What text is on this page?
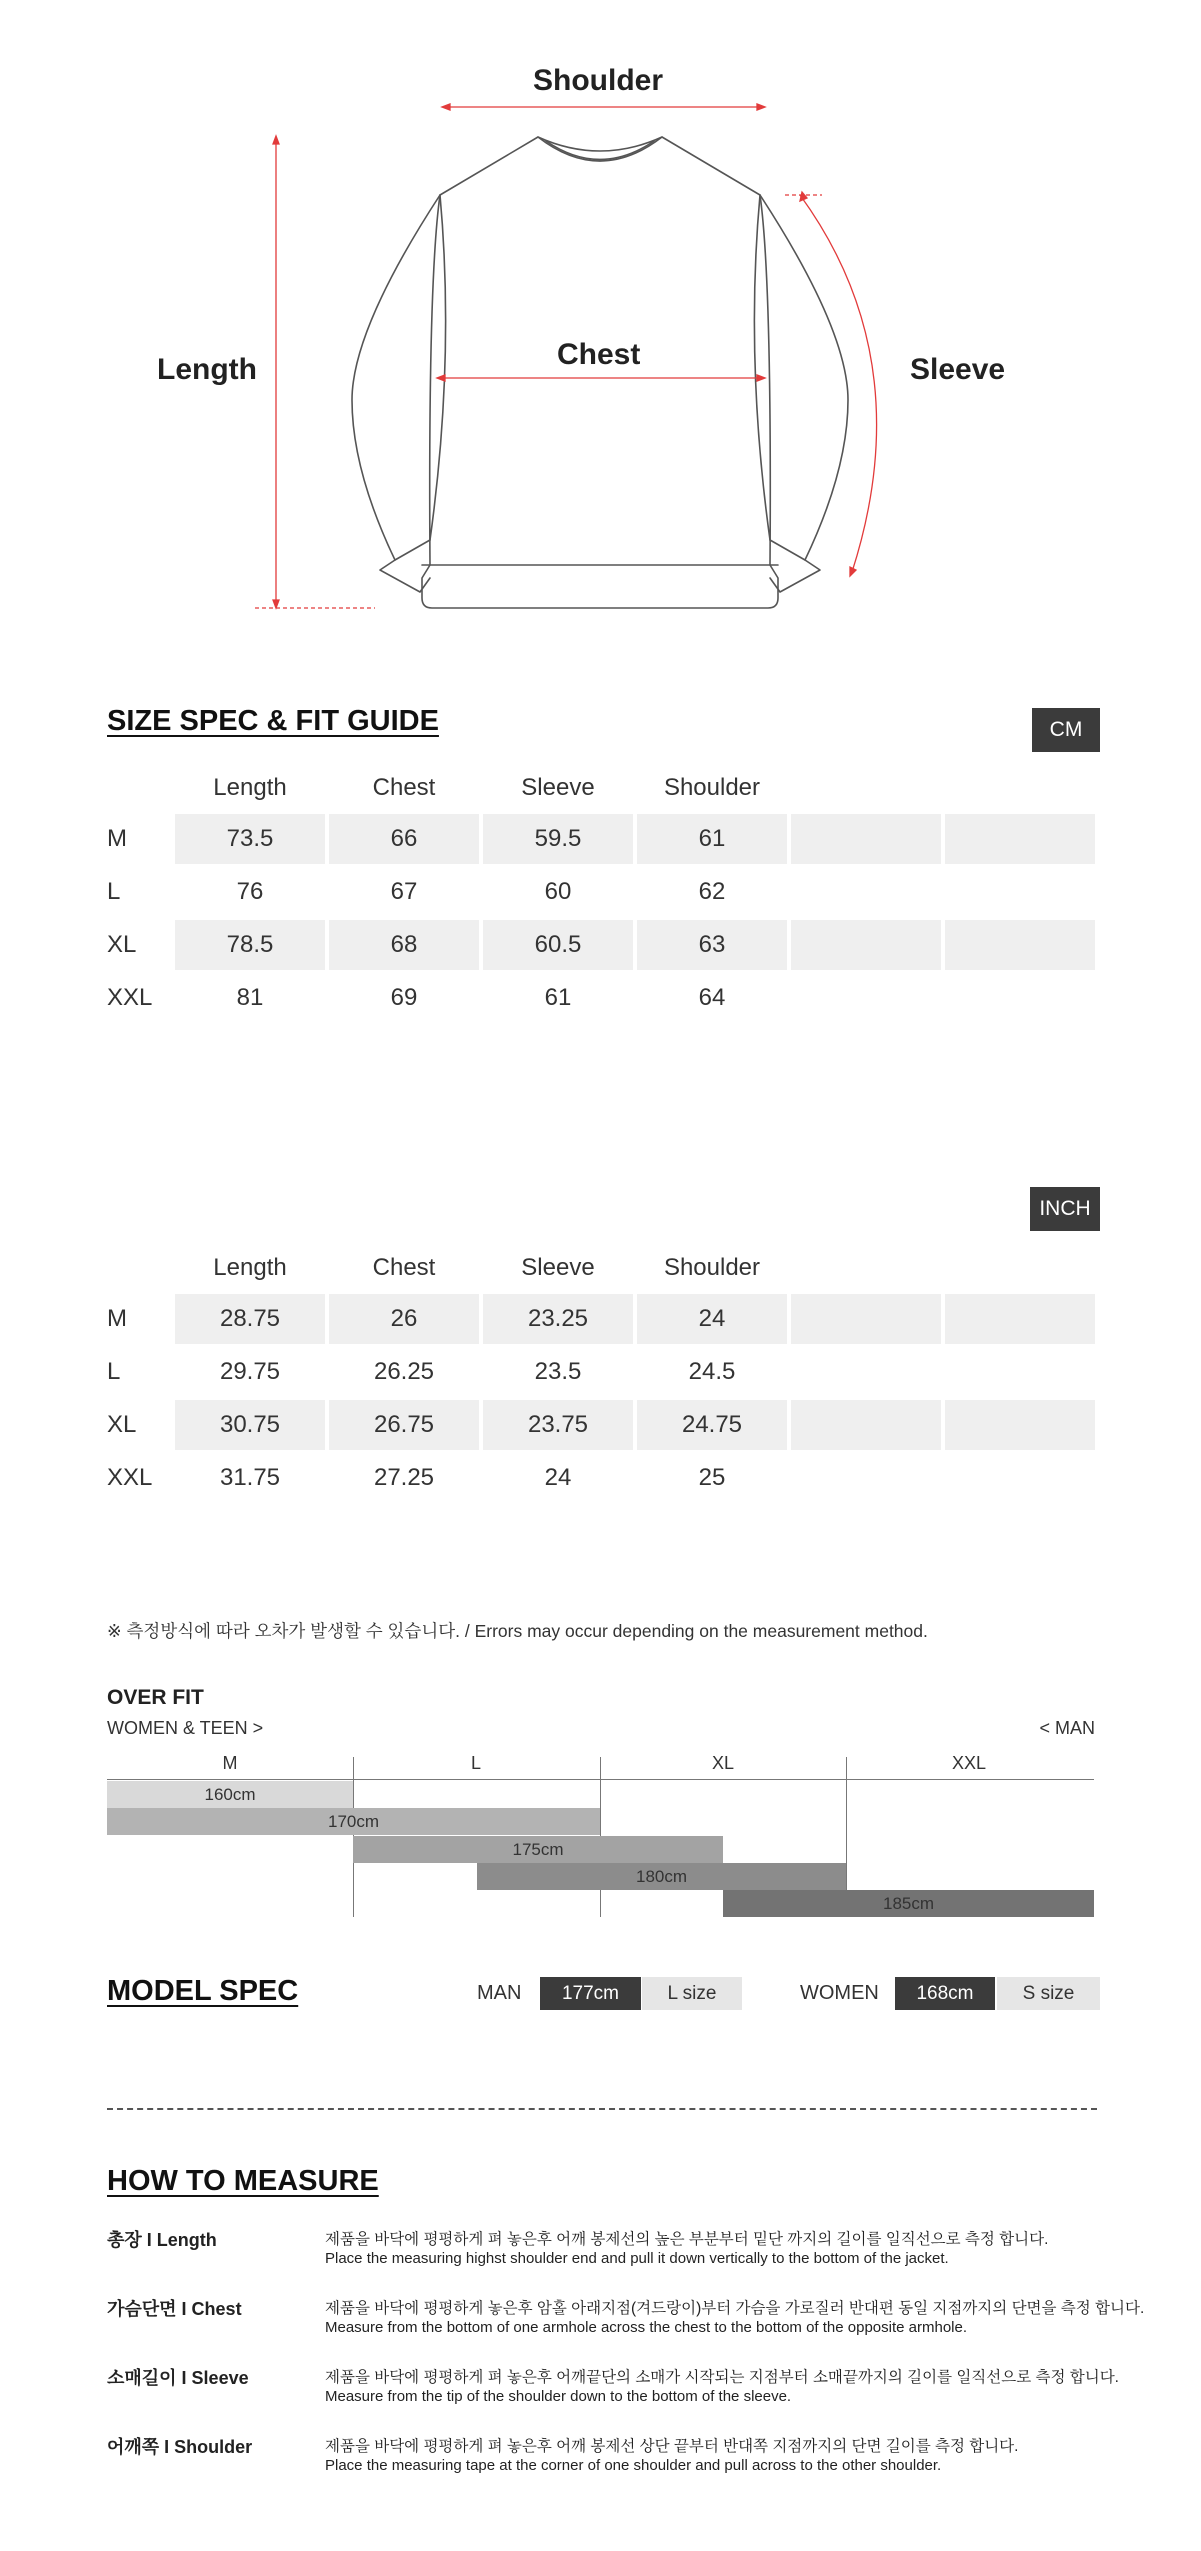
Shoulder
Length	Chest	Sleeve
SIZE SPEC & FIT GUIDE	CM
Length	Chest	Sleeve	Shoulder
M	73.5	66	59.5	61
L	76	67	60	62
XL	78.5	68	60.5	63
XXL	81	69	61	64
INCH
Length	Chest	Sleeve	Shoulder
M	28.75	26	23.25	24
L	29.75	26.25	23.5	24.5
XL	30.75	26.75	23.75	24.75
XXL	31.75	27.25	24	25
※ 측정방식에 따라 오차가 발생할 수 있습니다. / Errors may occur depending on the measurement method.
OVER FIT
WOMEN & TEEN >	< MAN
M	L	XL	XXL
160cm
170cm
175cm
180cm
185cm
MODEL SPEC	MAN	177cm	L size	WOMEN	168cm	S size
HOW TO MEASURE
총장 I Length	제품을 바닥에 평평하게 펴 놓은후 어깨 봉제선의 높은 부분부터 밑단 까지의 길이를 일직선으로 측정 합니다.
Place the measuring highst shoulder end and pull it down vertically to the bottom of the jacket.
가슴단면 I Chest	제품을 바닥에 평평하게 놓은후 암홀 아래지점(겨드랑이)부터 가슴을 가로질러 반대편 동일 지점까지의 단면을 측정 합니다.
Measure from the bottom of one armhole across the chest to the bottom of the opposite armhole.
소매길이 I Sleeve	제품을 바닥에 평평하게 펴 놓은후 어깨끝단의 소매가 시작되는 지점부터 소매끝까지의 길이를 일직선으로 측정 합니다.
Measure from the tip of the shoulder down to the bottom of the sleeve.
어깨쪽 I Shoulder	제품을 바닥에 평평하게 펴 놓은후 어깨 봉제선 상단 끝부터 반대쪽 지점까지의 단면 길이를 측정 합니다.
Place the measuring tape at the corner of one shoulder and pull across to the other shoulder.
